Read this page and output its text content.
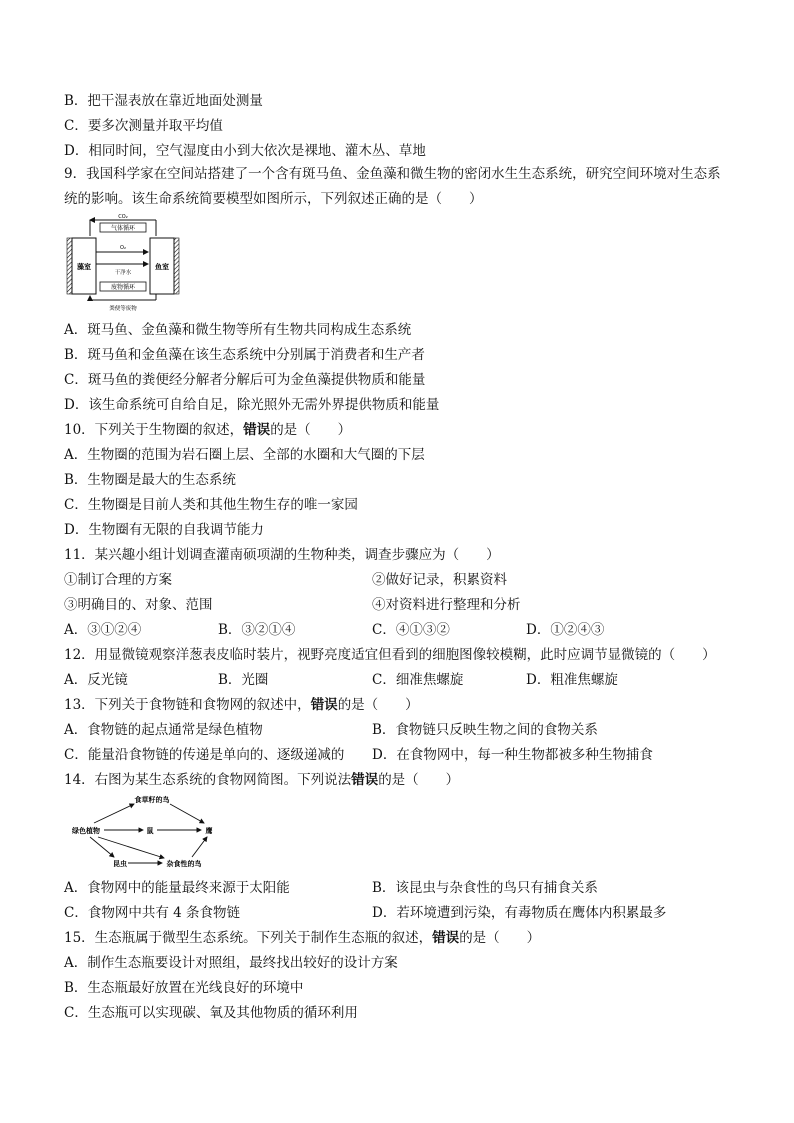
B．把干湿表放在靠近地面处测量
C．要多次测量并取平均值
D．相同时间，空气湿度由小到大依次是裸地、灌木丛、草地
9．我国科学家在空间站搭建了一个含有斑马鱼、金鱼藻和微生物的密闭水生生态系统，研究空间环境对生态系统的影响。该生命系统简要模型如图所示，下列叙述正确的是（　　）
CO₂
气体循环
藻室	鱼室
O₂
干净水
废物循环
粪便等废物
A．斑马鱼、金鱼藻和微生物等所有生物共同构成生态系统
B．斑马鱼和金鱼藻在该生态系统中分别属于消费者和生产者
C．斑马鱼的粪便经分解者分解后可为金鱼藻提供物质和能量
D．该生命系统可自给自足，除光照外无需外界提供物质和能量
10．下列关于生物圈的叙述，错误的是（　　）
A．生物圈的范围为岩石圈上层、全部的水圈和大气圈的下层
B．生物圈是最大的生态系统
C．生物圈是目前人类和其他生物生存的唯一家园
D．生物圈有无限的自我调节能力
11．某兴趣小组计划调查灌南硕项湖的生物种类，调查步骤应为（　　）
①制订合理的方案	②做好记录，积累资料
③明确目的、对象、范围	④对资料进行整理和分析
A．③①②④	B．③②①④	C．④①③②	D．①②④③
12．用显微镜观察洋葱表皮临时装片，视野亮度适宜但看到的细胞图像较模糊，此时应调节显微镜的（　　）
A．反光镜	B．光圈	C．细准焦螺旋	D．粗准焦螺旋
13．下列关于食物链和食物网的叙述中，错误的是（　　）
A．食物链的起点通常是绿色植物	B．食物链只反映生物之间的食物关系
C．能量沿食物链的传递是单向的、逐级递减的 D．在食物网中，每一种生物都被多种生物捕食
14．右图为某生态系统的食物网简图。下列说法错误的是（　　）
食草籽的鸟
绿色植物	鼠	鹰
昆虫	杂食性的鸟
A．食物网中的能量最终来源于太阳能	B．该昆虫与杂食性的鸟只有捕食关系
C．食物网中共有 4 条食物链	D．若环境遭到污染，有毒物质在鹰体内积累最多
15．生态瓶属于微型生态系统。下列关于制作生态瓶的叙述，错误的是（　　）
A．制作生态瓶要设计对照组，最终找出较好的设计方案
B．生态瓶最好放置在光线良好的环境中
C．生态瓶可以实现碳、氧及其他物质的循环利用
